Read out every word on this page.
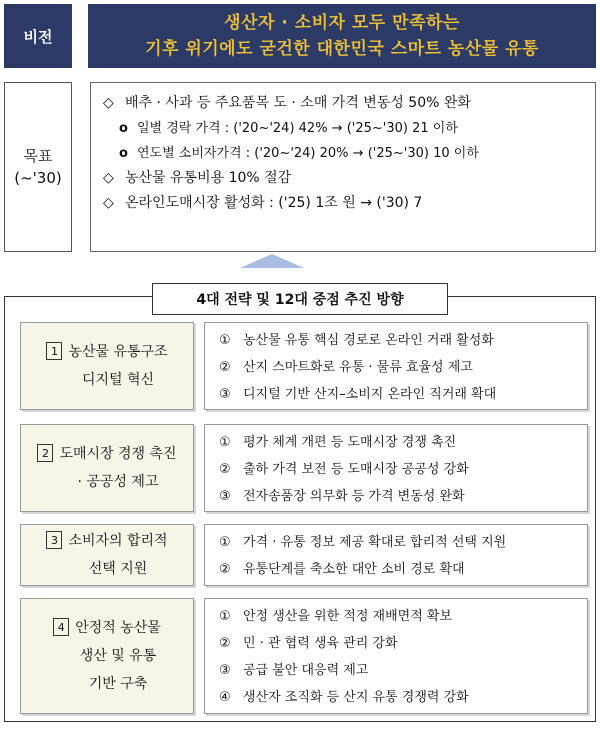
비전
생산자 · 소비자 모두 만족하는
기후 위기에도 굳건한 대한민국 스마트 농산물 유통
목표
(~'30)
◇ 배추 · 사과 등 주요품목 도 · 소매 가격 변동성 50% 완화
o 일별 경락 가격 : ('20~'24) 42% → ('25~'30) 21 이하
o 연도별 소비자가격 : ('20~'24) 20% → ('25~'30) 10 이하
◇ 농산물 유통비용 10% 절감
◇ 온라인도매시장 활성화 : ('25) 1조 원 → ('30) 7
4대 전략 및 12대 중점 추진 방향
1 농산물 유통구조
디지털 혁신
① 농산물 유통 핵심 경로로 온라인 거래 활성화
② 산지 스마트화로 유통 · 물류 효율성 제고
③ 디지털 기반 산지–소비지 온라인 직거래 확대
2 도매시장 경쟁 촉진
· 공공성 제고
① 평가 체계 개편 등 도매시장 경쟁 촉진
② 출하 가격 보전 등 도매시장 공공성 강화
③ 전자송품장 의무화 등 가격 변동성 완화
3 소비자의 합리적
선택 지원
① 가격 · 유통 정보 제공 확대로 합리적 선택 지원
② 유통단계를 축소한 대안 소비 경로 확대
4 안정적 농산물
생산 및 유통
기반 구축
① 안정 생산을 위한 적정 재배면적 확보
② 민 · 관 협력 생육 관리 강화
③ 공급 불안 대응력 제고
④ 생산자 조직화 등 산지 유통 경쟁력 강화
